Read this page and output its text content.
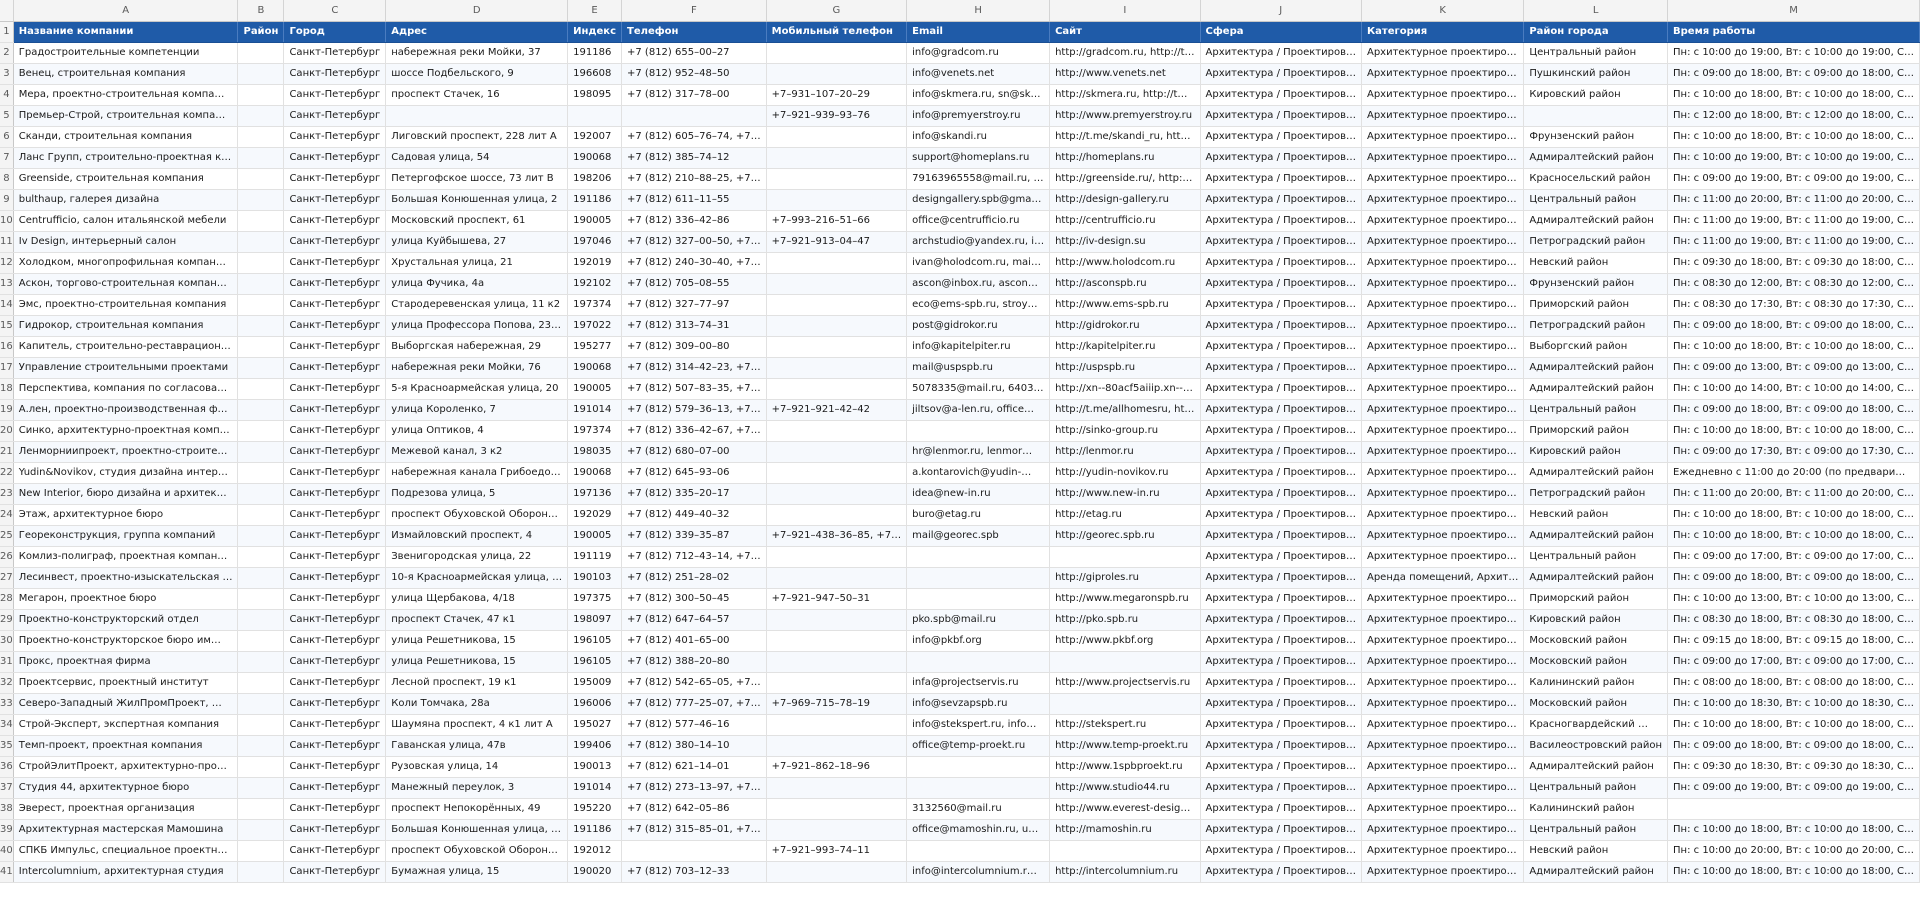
	A	B	C	D	E	F	G	H	I	J	K	L	M
1	Название компании	Район	Город	Адрес	Индекс	Телефон	Мобильный телефон	Email	Сайт	Сфера	Категория	Район города	Время работы
2	Градостроительные компетенции		Санкт-Петербург	набережная реки Мойки, 37	191186	+7 (812) 655–00–27		info@gradcom.ru	http://gradcom.ru, http://t…	Архитектура / Проектиров…	Архитектурное проектиро…	Центральный район	Пн: с 10:00 до 19:00, Вт: с 10:00 до 19:00, С…
3	Венец, строительная компания		Санкт-Петербург	шоссе Подбельского, 9	196608	+7 (812) 952–48–50		info@venets.net	http://www.venets.net	Архитектура / Проектиров…	Архитектурное проектиро…	Пушкинский район	Пн: с 09:00 до 18:00, Вт: с 09:00 до 18:00, С…
4	Мера, проектно-строительная компа…		Санкт-Петербург	проспект Стачек, 16	198095	+7 (812) 317–78–00	+7–931–107–20–29	info@skmera.ru, sn@sk…	http://skmera.ru, http://t…	Архитектура / Проектиров…	Архитектурное проектиро…	Кировский район	Пн: с 10:00 до 18:00, Вт: с 10:00 до 18:00, С…
5	Премьер-Строй, строительная компа…		Санкт-Петербург				+7–921–939–93–76	info@premyerstroy.ru	http://www.premyerstroy.ru	Архитектура / Проектиров…	Архитектурное проектиро…		Пн: с 12:00 до 18:00, Вт: с 12:00 до 18:00, С…
6	Сканди, строительная компания		Санкт-Петербург	Лиговский проспект, 228 лит А	192007	+7 (812) 605–76–74, +7…		info@skandi.ru	http://t.me/skandi_ru, htt…	Архитектура / Проектиров…	Архитектурное проектиро…	Фрунзенский район	Пн: с 10:00 до 18:00, Вт: с 10:00 до 18:00, С…
7	Ланс Групп, строительно-проектная к…		Санкт-Петербург	Садовая улица, 54	190068	+7 (812) 385–74–12		support@homeplans.ru	http://homeplans.ru	Архитектура / Проектиров…	Архитектурное проектиро…	Адмиралтейский район	Пн: с 10:00 до 19:00, Вт: с 10:00 до 19:00, С…
8	Greenside, строительная компания		Санкт-Петербург	Петергофское шоссе, 73 лит В	198206	+7 (812) 210–88–25, +7…		79163965558@mail.ru, …	http://greenside.ru/, http:…	Архитектура / Проектиров…	Архитектурное проектиро…	Красносельский район	Пн: с 09:00 до 19:00, Вт: с 09:00 до 19:00, С…
9	bulthaup, галерея дизайна		Санкт-Петербург	Большая Конюшенная улица, 2	191186	+7 (812) 611–11–55		designgallery.spb@gma…	http://design-gallery.ru	Архитектура / Проектиров…	Архитектурное проектиро…	Центральный район	Пн: с 11:00 до 20:00, Вт: с 11:00 до 20:00, С…
10	Centrufficio, салон итальянской мебели		Санкт-Петербург	Московский проспект, 61	190005	+7 (812) 336–42–86	+7–993–216–51–66	office@centrufficio.ru	http://centrufficio.ru	Архитектура / Проектиров…	Архитектурное проектиро…	Адмиралтейский район	Пн: с 11:00 до 19:00, Вт: с 11:00 до 19:00, С…
11	Iv Design, интерьерный салон		Санкт-Петербург	улица Куйбышева, 27	197046	+7 (812) 327–00–50, +7…	+7–921–913–04–47	archstudio@yandex.ru, i…	http://iv-design.su	Архитектура / Проектиров…	Архитектурное проектиро…	Петроградский район	Пн: с 11:00 до 19:00, Вт: с 11:00 до 19:00, С…
12	Холодком, многопрофильная компан…		Санкт-Петербург	Хрустальная улица, 21	192019	+7 (812) 240–30–40, +7…		ivan@holodcom.ru, mai…	http://www.holodcom.ru	Архитектура / Проектиров…	Архитектурное проектиро…	Невский район	Пн: с 09:30 до 18:00, Вт: с 09:30 до 18:00, С…
13	Аскон, торгово-строительная компан…		Санкт-Петербург	улица Фучика, 4а	192102	+7 (812) 705–08–55		ascon@inbox.ru, ascon…	http://asconspb.ru	Архитектура / Проектиров…	Архитектурное проектиро…	Фрунзенский район	Пн: с 08:30 до 12:00, Вт: с 08:30 до 12:00, С…
14	Эмс, проектно-строительная компания		Санкт-Петербург	Стародеревенская улица, 11 к2	197374	+7 (812) 327–77–97		eco@ems-spb.ru, stroy…	http://www.ems-spb.ru	Архитектура / Проектиров…	Архитектурное проектиро…	Приморский район	Пн: с 08:30 до 17:30, Вт: с 08:30 до 17:30, С…
15	Гидрокор, строительная компания		Санкт-Петербург	улица Профессора Попова, 23…	197022	+7 (812) 313–74–31		post@gidrokor.ru	http://gidrokor.ru	Архитектура / Проектиров…	Архитектурное проектиро…	Петроградский район	Пн: с 09:00 до 18:00, Вт: с 09:00 до 18:00, С…
16	Капитель, строительно-реставрацион…		Санкт-Петербург	Выборгская набережная, 29	195277	+7 (812) 309–00–80		info@kapitelpiter.ru	http://kapitelpiter.ru	Архитектура / Проектиров…	Архитектурное проектиро…	Выборгский район	Пн: с 10:00 до 18:00, Вт: с 10:00 до 18:00, С…
17	Управление строительными проектами		Санкт-Петербург	набережная реки Мойки, 76	190068	+7 (812) 314–42–23, +7…		mail@uspspb.ru	http://uspspb.ru	Архитектура / Проектиров…	Архитектурное проектиро…	Адмиралтейский район	Пн: с 09:00 до 13:00, Вт: с 09:00 до 13:00, С…
18	Перспектива, компания по согласова…		Санкт-Петербург	5-я Красноармейская улица, 20	190005	+7 (812) 507–83–35, +7…		5078335@mail.ru, 6403…	http://xn--80acf5aiiip.xn--…	Архитектура / Проектиров…	Архитектурное проектиро…	Адмиралтейский район	Пн: с 10:00 до 14:00, Вт: с 10:00 до 14:00, С…
19	А.лен, проектно-производственная ф…		Санкт-Петербург	улица Короленко, 7	191014	+7 (812) 579–36–13, +7…	+7–921–921–42–42	jiltsov@a-len.ru, office…	http://t.me/allhomesru, ht…	Архитектура / Проектиров…	Архитектурное проектиро…	Центральный район	Пн: с 09:00 до 18:00, Вт: с 09:00 до 18:00, С…
20	Синко, архитектурно-проектная комп…		Санкт-Петербург	улица Оптиков, 4	197374	+7 (812) 336–42–67, +7…			http://sinko-group.ru	Архитектура / Проектиров…	Архитектурное проектиро…	Приморский район	Пн: с 10:00 до 18:00, Вт: с 10:00 до 18:00, С…
21	Ленморниипроект, проектно-строите…		Санкт-Петербург	Межевой канал, 3 к2	198035	+7 (812) 680–07–00		hr@lenmor.ru, lenmor…	http://lenmor.ru	Архитектура / Проектиров…	Архитектурное проектиро…	Кировский район	Пн: с 09:00 до 17:30, Вт: с 09:00 до 17:30, С…
22	Yudin&Novikov, студия дизайна интер…		Санкт-Петербург	набережная канала Грибоедо…	190068	+7 (812) 645–93–06		a.kontarovich@yudin-…	http://yudin-novikov.ru	Архитектура / Проектиров…	Архитектурное проектиро…	Адмиралтейский район	Ежедневно с 11:00 до 20:00 (по предвари…
23	New Interior, бюро дизайна и архитек…		Санкт-Петербург	Подрезова улица, 5	197136	+7 (812) 335–20–17		idea@new-in.ru	http://www.new-in.ru	Архитектура / Проектиров…	Архитектурное проектиро…	Петроградский район	Пн: с 11:00 до 20:00, Вт: с 11:00 до 20:00, С…
24	Этаж, архитектурное бюро		Санкт-Петербург	проспект Обуховской Оборон…	192029	+7 (812) 449–40–32		buro@etag.ru	http://etag.ru	Архитектура / Проектиров…	Архитектурное проектиро…	Невский район	Пн: с 10:00 до 18:00, Вт: с 10:00 до 18:00, С…
25	Геореконструкция, группа компаний		Санкт-Петербург	Измайловский проспект, 4	190005	+7 (812) 339–35–87	+7–921–438–36–85, +7…	mail@georec.spb	http://georec.spb.ru	Архитектура / Проектиров…	Архитектурное проектиро…	Адмиралтейский район	Пн: с 10:00 до 18:00, Вт: с 10:00 до 18:00, С…
26	Комлиз-полиграф, проектная компан…		Санкт-Петербург	Звенигородская улица, 22	191119	+7 (812) 712–43–14, +7…				Архитектура / Проектиров…	Архитектурное проектиро…	Центральный район	Пн: с 09:00 до 17:00, Вт: с 09:00 до 17:00, С…
27	Лесинвест, проектно-изыскательская …		Санкт-Петербург	10-я Красноармейская улица, …	190103	+7 (812) 251–28–02			http://giproles.ru	Архитектура / Проектиров…	Аренда помещений, Архит…	Адмиралтейский район	Пн: с 09:00 до 18:00, Вт: с 09:00 до 18:00, С…
28	Мегарон, проектное бюро		Санкт-Петербург	улица Щербакова, 4/18	197375	+7 (812) 300–50–45	+7–921–947–50–31		http://www.megaronspb.ru	Архитектура / Проектиров…	Архитектурное проектиро…	Приморский район	Пн: с 10:00 до 13:00, Вт: с 10:00 до 13:00, С…
29	Проектно-конструкторский отдел		Санкт-Петербург	проспект Стачек, 47 к1	198097	+7 (812) 647–64–57		pko.spb@mail.ru	http://pko.spb.ru	Архитектура / Проектиров…	Архитектурное проектиро…	Кировский район	Пн: с 08:30 до 18:00, Вт: с 08:30 до 18:00, С…
30	Проектно-конструкторское бюро им…		Санкт-Петербург	улица Решетникова, 15	196105	+7 (812) 401–65–00		info@pkbf.org	http://www.pkbf.org	Архитектура / Проектиров…	Архитектурное проектиро…	Московский район	Пн: с 09:15 до 18:00, Вт: с 09:15 до 18:00, С…
31	Прокс, проектная фирма		Санкт-Петербург	улица Решетникова, 15	196105	+7 (812) 388–20–80				Архитектура / Проектиров…	Архитектурное проектиро…	Московский район	Пн: с 09:00 до 17:00, Вт: с 09:00 до 17:00, С…
32	Проектсервис, проектный институт		Санкт-Петербург	Лесной проспект, 19 к1	195009	+7 (812) 542–65–05, +7…		infa@projectservis.ru	http://www.projectservis.ru	Архитектура / Проектиров…	Архитектурное проектиро…	Калининский район	Пн: с 08:00 до 18:00, Вт: с 08:00 до 18:00, С…
33	Северо-Западный ЖилПромПроект, …		Санкт-Петербург	Коли Томчака, 28а	196006	+7 (812) 777–25–07, +7…	+7–969–715–78–19	info@sevzapspb.ru		Архитектура / Проектиров…	Архитектурное проектиро…	Московский район	Пн: с 10:00 до 18:30, Вт: с 10:00 до 18:30, С…
34	Строй-Эксперт, экспертная компания		Санкт-Петербург	Шаумяна проспект, 4 к1 лит А	195027	+7 (812) 577–46–16		info@stekspert.ru, info…	http://stekspert.ru	Архитектура / Проектиров…	Архитектурное проектиро…	Красногвардейский …	Пн: с 10:00 до 18:00, Вт: с 10:00 до 18:00, С…
35	Темп-проект, проектная компания		Санкт-Петербург	Гаванская улица, 47в	199406	+7 (812) 380–14–10		office@temp-proekt.ru	http://www.temp-proekt.ru	Архитектура / Проектиров…	Архитектурное проектиро…	Василеостровский район	Пн: с 09:00 до 18:00, Вт: с 09:00 до 18:00, С…
36	СтройЭлитПроект, архитектурно-про…		Санкт-Петербург	Рузовская улица, 14	190013	+7 (812) 621–14–01	+7–921–862–18–96		http://www.1spbproekt.ru	Архитектура / Проектиров…	Архитектурное проектиро…	Адмиралтейский район	Пн: с 09:30 до 18:30, Вт: с 09:30 до 18:30, С…
37	Студия 44, архитектурное бюро		Санкт-Петербург	Манежный переулок, 3	191014	+7 (812) 273–13–97, +7…			http://www.studio44.ru	Архитектура / Проектиров…	Архитектурное проектиро…	Центральный район	Пн: с 09:00 до 19:00, Вт: с 09:00 до 19:00, С…
38	Эверест, проектная организация		Санкт-Петербург	проспект Непокорённых, 49	195220	+7 (812) 642–05–86		3132560@mail.ru	http://www.everest-desig…	Архитектура / Проектиров…	Архитектурное проектиро…	Калининский район	
39	Архитектурная мастерская Мамошина		Санкт-Петербург	Большая Конюшенная улица, …	191186	+7 (812) 315–85–01, +7…		office@mamoshin.ru, u…	http://mamoshin.ru	Архитектура / Проектиров…	Архитектурное проектиро…	Центральный район	Пн: с 10:00 до 18:00, Вт: с 10:00 до 18:00, С…
40	СПКБ Импульс, специальное проектн…		Санкт-Петербург	проспект Обуховской Оборон…	192012		+7–921–993–74–11			Архитектура / Проектиров…	Архитектурное проектиро…	Невский район	Пн: с 10:00 до 20:00, Вт: с 10:00 до 20:00, С…
41	Intercolumnium, архитектурная студия		Санкт-Петербург	Бумажная улица, 15	190020	+7 (812) 703–12–33		info@intercolumnium.r…	http://intercolumnium.ru	Архитектура / Проектиров…	Архитектурное проектиро…	Адмиралтейский район	Пн: с 10:00 до 18:00, Вт: с 10:00 до 18:00, С…
